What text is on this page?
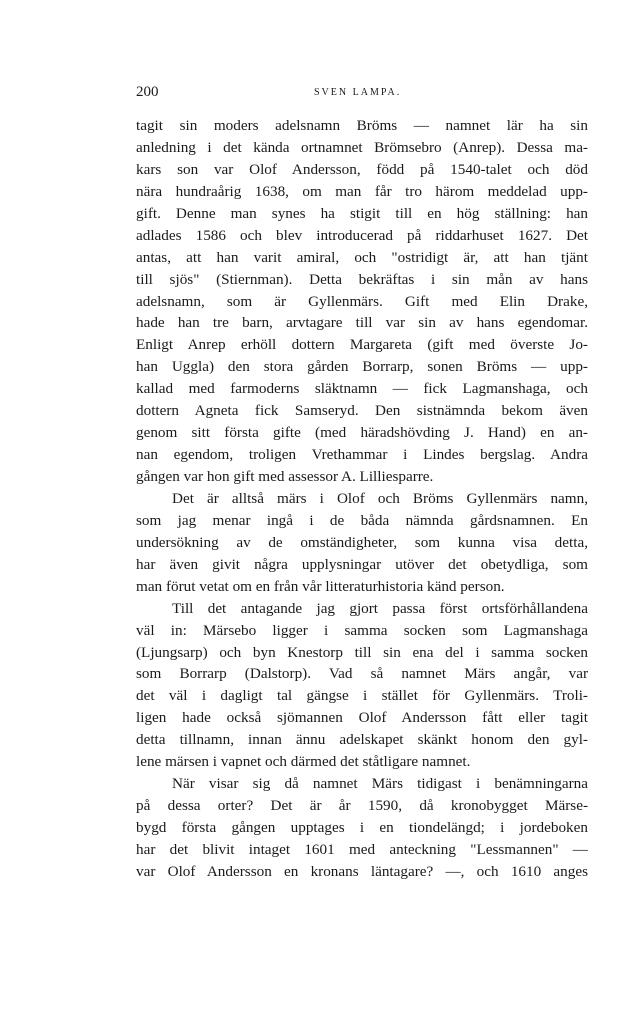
200	SVEN LAMPA.
tagit sin moders adelsnamn Bröms — namnet lär ha sin
anledning i det kända ortnamnet Brömsebro (Anrep). Dessa ma-
kars son var Olof Andersson, född på 1540-talet och död
nära hundraårig 1638, om man får tro härom meddelad upp-
gift. Denne man synes ha stigit till en hög ställning: han
adlades 1586 och blev introducerad på riddarhuset 1627. Det
antas, att han varit amiral, och "ostridigt är, att han tjänt
till sjös" (Stiernman). Detta bekräftas i sin mån av hans
adelsnamn, som är Gyllenmärs. Gift med Elin Drake,
hade han tre barn, arvtagare till var sin av hans egendomar.
Enligt Anrep erhöll dottern Margareta (gift med överste Jo-
han Uggla) den stora gården Borrarp, sonen Bröms — upp-
kallad med farmoderns släktnamn — fick Lagmanshaga, och
dottern Agneta fick Samseryd. Den sistnämnda bekom även
genom sitt första gifte (med häradshövding J. Hand) en an-
nan egendom, troligen Vrethammar i Lindes bergslag. Andra
gången var hon gift med assessor A. Lilliesparre.
Det är alltså märs i Olof och Bröms Gyllenmärs namn,
som jag menar ingå i de båda nämnda gårdsnamnen. En
undersökning av de omständigheter, som kunna visa detta,
har även givit några upplysningar utöver det obetydliga, som
man förut vetat om en från vår litteraturhistoria känd person.
Till det antagande jag gjort passa först ortsförhållandena
väl in: Märsebo ligger i samma socken som Lagmanshaga
(Ljungsarp) och byn Knestorp till sin ena del i samma socken
som Borrarp (Dalstorp). Vad så namnet Märs angår, var
det väl i dagligt tal gängse i stället för Gyllenmärs. Troli-
ligen hade också sjömannen Olof Andersson fått eller tagit
detta tillnamn, innan ännu adelskapet skänkt honom den gyl-
lene märsen i vapnet och därmed det ståtligare namnet.
När visar sig då namnet Märs tidigast i benämningarna
på dessa orter? Det är år 1590, då kronobygget Märse-
bygd första gången upptages i en tiondelängd; i jordeboken
har det blivit intaget 1601 med anteckning "Lessmannen" —
var Olof Andersson en kronans läntagare? —, och 1610 anges
